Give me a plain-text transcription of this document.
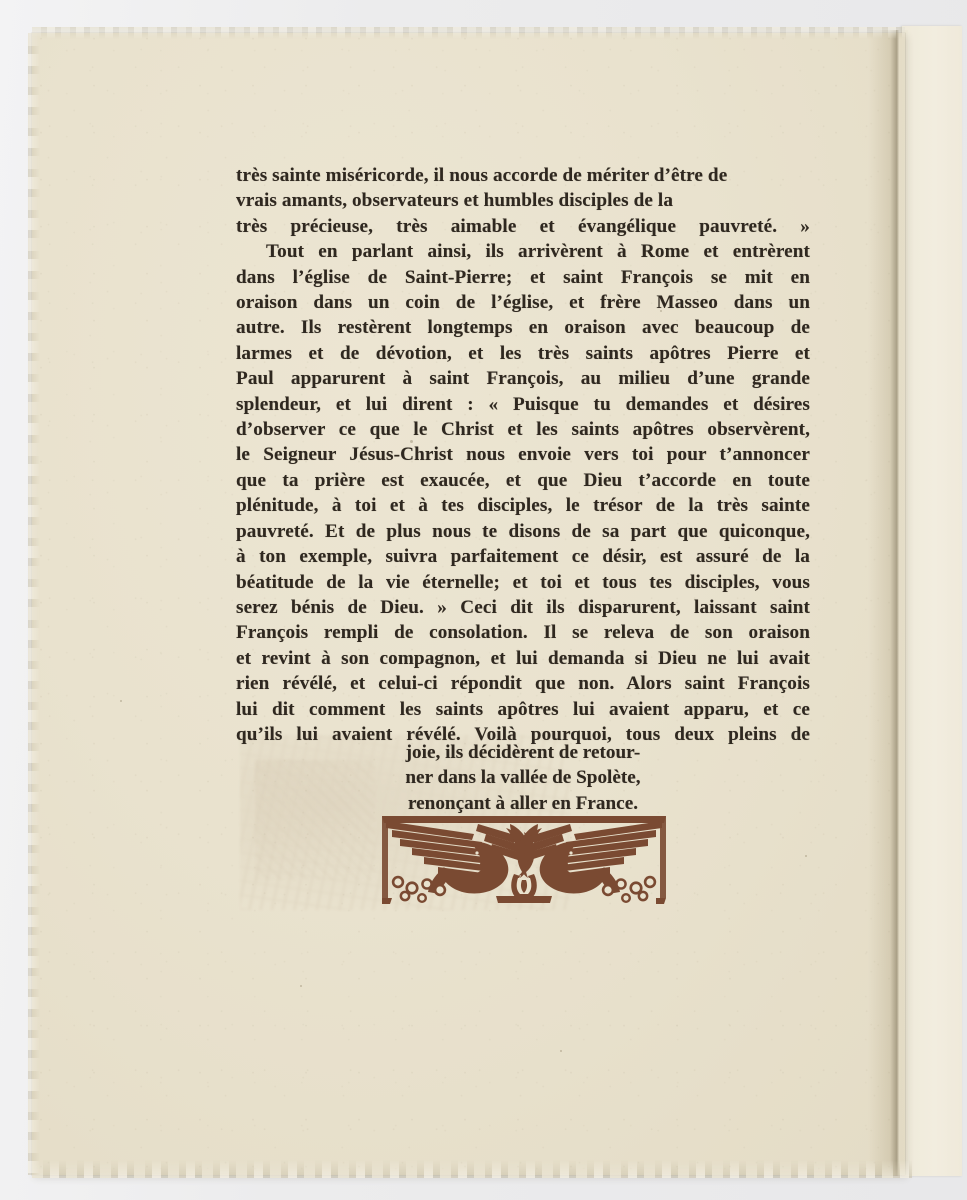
très sainte miséricorde, il nous accorde de mériter d’être de
vrais amants, observateurs et humbles disciples de la
très précieuse, très aimable et évangélique pauvreté. »
Tout en parlant ainsi, ils arrivèrent à Rome et entrèrent
dans l’église de Saint-Pierre; et saint François se mit en
oraison dans un coin de l’église, et frère Masseo dans un
autre. Ils restèrent longtemps en oraison avec beaucoup de
larmes et de dévotion, et les très saints apôtres Pierre et
Paul apparurent à saint François, au milieu d’une grande
splendeur, et lui dirent : « Puisque tu demandes et désires
d’observer ce que le Christ et les saints apôtres observèrent,
le Seigneur Jésus-Christ nous envoie vers toi pour t’annoncer
que ta prière est exaucée, et que Dieu t’accorde en toute
plénitude, à toi et à tes disciples, le trésor de la très sainte
pauvreté. Et de plus nous te disons de sa part que quiconque,
à ton exemple, suivra parfaitement ce désir, est assuré de la
béatitude de la vie éternelle; et toi et tous tes disciples, vous
serez bénis de Dieu. » Ceci dit ils disparurent, laissant saint
François rempli de consolation. Il se releva de son oraison
et revint à son compagnon, et lui demanda si Dieu ne lui avait
rien révélé, et celui-ci répondit que non. Alors saint François
lui dit comment les saints apôtres lui avaient apparu, et ce
qu’ils lui avaient révélé. Voilà pourquoi, tous deux pleins de
joie, ils décidèrent de retour-
ner dans la vallée de Spolète,
renonçant à aller en France.
